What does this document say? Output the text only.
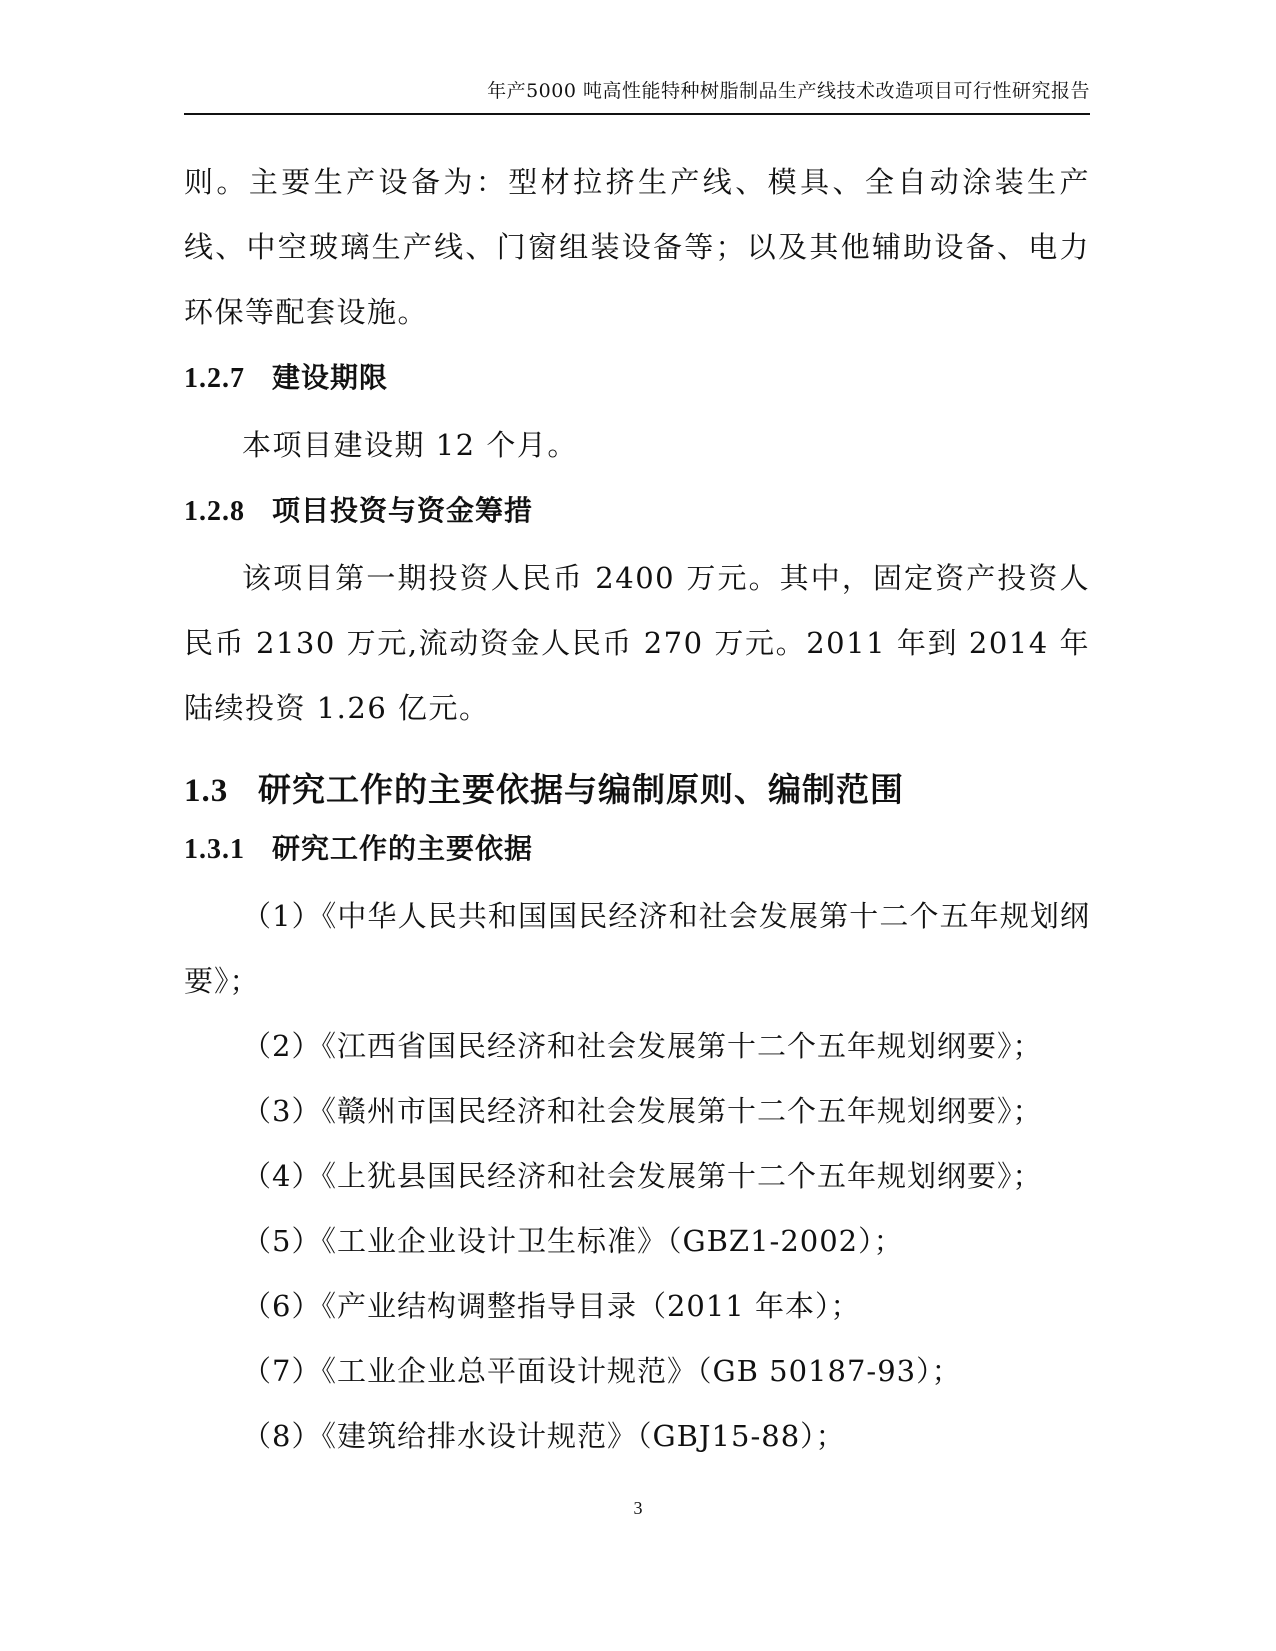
年产5000 吨高性能特种树脂制品生产线技术改造项目可行性研究报告

则。主要生产设备为：型材拉挤生产线、模具、全自动涂装生产线、中空玻璃生产线、门窗组装设备等；以及其他辅助设备、电力环保等配套设施。

1.2.7 建设期限

本项目建设期 12 个月。

1.2.8 项目投资与资金筹措

该项目第一期投资人民币 2400 万元。其中，固定资产投资人民币 2130 万元,流动资金人民币 270 万元。2011 年到 2014 年陆续投资 1.26 亿元。

1.3 研究工作的主要依据与编制原则、编制范围
1.3.1 研究工作的主要依据

（1）《中华人民共和国国民经济和社会发展第十二个五年规划纲要》；

（2）《江西省国民经济和社会发展第十二个五年规划纲要》；

（3）《赣州市国民经济和社会发展第十二个五年规划纲要》；

（4）《上犹县国民经济和社会发展第十二个五年规划纲要》；

（5）《工业企业设计卫生标准》（GBZ1-2002）；

（6）《产业结构调整指导目录（2011 年本）；

（7）《工业企业总平面设计规范》（GB 50187-93）；

（8）《建筑给排水设计规范》（GBJ15-88）；

3
